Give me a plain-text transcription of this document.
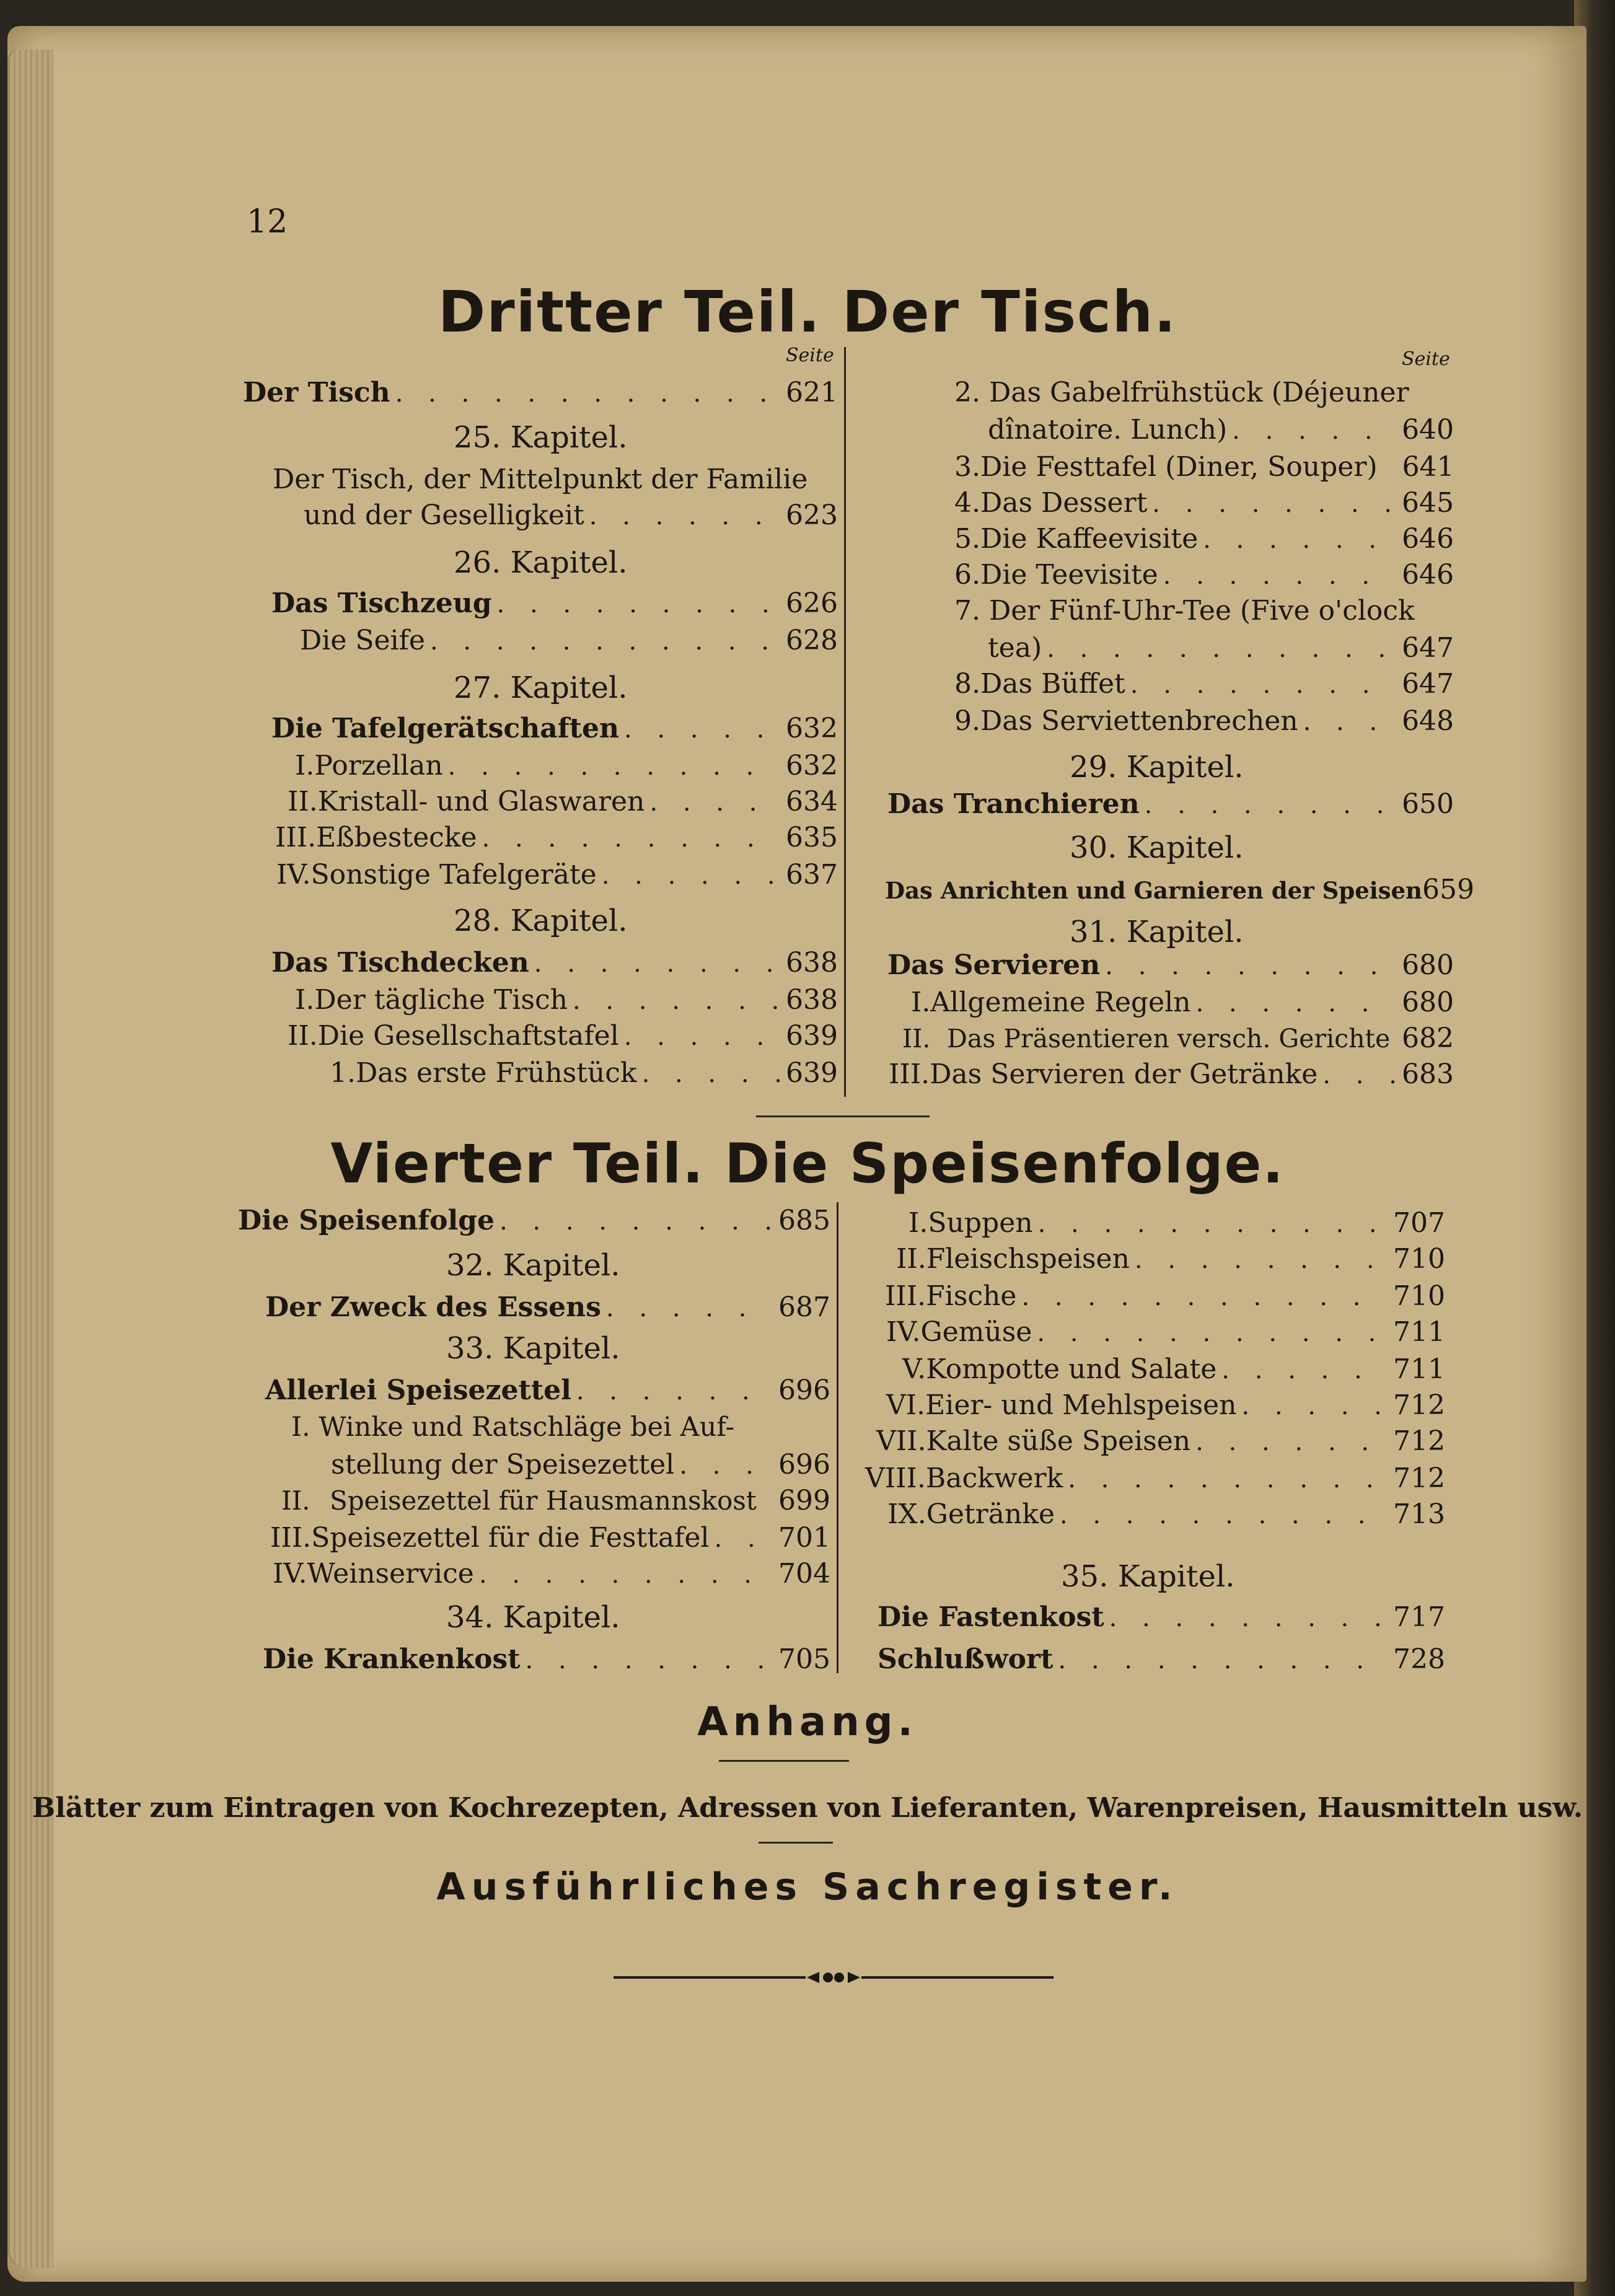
12
Dritter Teil. Der Tisch.
Seite	Seite
Der Tisch . . .	621
25. Kapitel.
Der Tisch, der Mittelpunkt der Familie
und der Geselligkeit . . .	623
26. Kapitel.
Das Tischzeug . . .	626
Die Seife . . .	628
27. Kapitel.
Die Tafelgerätschaften . . .	632
I. Porzellan . . .	632
II. Kristall- und Glaswaren . . .	634
III. Eßbestecke . . .	635
IV. Sonstige Tafelgeräte . . .	637
28. Kapitel.
Das Tischdecken . . .	638
I. Der tägliche Tisch . . .	638
II. Die Gesellschaftstafel . . .	639
1. Das erste Frühstück . . .	639
2. Das Gabelfrühstück (Déjeuner
dînatoire. Lunch) . . .	640
3. Die Festtafel (Diner, Souper) 641
4. Das Dessert . . .	645
5. Die Kaffeevisite . . .	646
6. Die Teevisite . . .	646
7. Der Fünf-Uhr-Tee (Five o'clock
tea) . . .	647
8. Das Büffet . . .	647
9. Das Serviettenbrechen . . .	648
29. Kapitel.
Das Tranchieren . . .	650
30. Kapitel.
Das Anrichten und Garnieren der Speisen 659
31. Kapitel.
Das Servieren . . .	680
I. Allgemeine Regeln . . .	680
II. Das Präsentieren versch. Gerichte 682
III. Das Servieren der Getränke . . .	683
Vierter Teil. Die Speisenfolge.
Die Speisenfolge . . .	685
32. Kapitel.
Der Zweck des Essens . . .	687
33. Kapitel.
Allerlei Speisezettel . . .	696
I. Winke und Ratschläge bei Auf-
stellung der Speisezettel . . .	696
II. Speisezettel für Hausmannskost 699
III. Speisezettel für die Festtafel . . .	701
IV. Weinservice . . .	704
34. Kapitel.
Die Krankenkost . . .	705
I. Suppen . . .	707
II. Fleischspeisen . . .	710
III. Fische . . .	710
IV. Gemüse . . .	711
V. Kompotte und Salate . . .	711
VI. Eier- und Mehlspeisen . . .	712
VII. Kalte süße Speisen . . .	712
VIII. Backwerk . . .	712
IX. Getränke . . .	713
35. Kapitel.
Die Fastenkost . . .	717
Schlußwort . . .	728
Anhang.
Blätter zum Eintragen von Kochrezepten, Adressen von Lieferanten, Warenpreisen, Hausmitteln usw.
Ausführliches Sachregister.
